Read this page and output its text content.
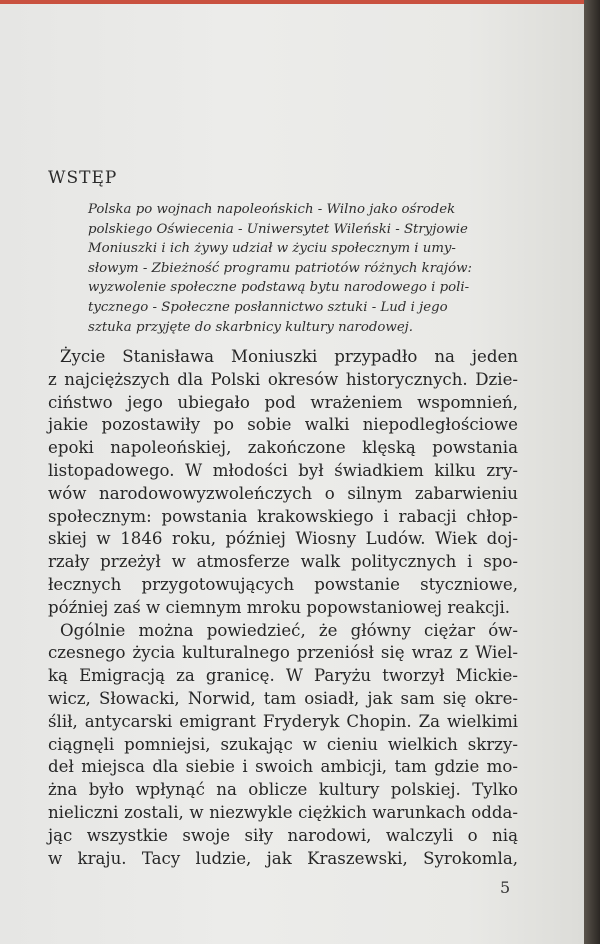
WSTĘP

Polska po wojnach napoleońskich - Wilno jako ośrodek
polskiego Oświecenia - Uniwersytet Wileński - Stryjowie
Moniuszki i ich żywy udział w życiu społecznym i umy-
słowym - Zbieżność programu patriotów różnych krajów:
wyzwolenie społeczne podstawą bytu narodowego i poli-
tycznego - Społeczne posłannictwo sztuki - Lud i jego
sztuka przyjęte do skarbnicy kultury narodowej.

Życie Stanisława Moniuszki przypadło na jeden
z najcięższych dla Polski okresów historycznych. Dzie-
ciństwo jego ubiegało pod wrażeniem wspomnień,
jakie pozostawiły po sobie walki niepodległościowe
epoki napoleońskiej, zakończone klęską powstania
listopadowego. W młodości był świadkiem kilku zry-
wów narodowowyzwoleńczych o silnym zabarwieniu
społecznym: powstania krakowskiego i rabacji chłop-
skiej w 1846 roku, później Wiosny Ludów. Wiek doj-
rzały przeżył w atmosferze walk politycznych i spo-
łecznych przygotowujących powstanie styczniowe,
później zaś w ciemnym mroku popowstaniowej reakcji.
Ogólnie można powiedzieć, że główny ciężar ów-
czesnego życia kulturalnego przeniósł się wraz z Wiel-
ką Emigracją za granicę. W Paryżu tworzył Mickie-
wicz, Słowacki, Norwid, tam osiadł, jak sam się okre-
ślił, antycarski emigrant Fryderyk Chopin. Za wielkimi
ciągnęli pomniejsi, szukając w cieniu wielkich skrzy-
deł miejsca dla siebie i swoich ambicji, tam gdzie mo-
żna było wpłynąć na oblicze kultury polskiej. Tylko
nieliczni zostali, w niezwykle ciężkich warunkach odda-
jąc wszystkie swoje siły narodowi, walczyli o nią
w kraju. Tacy ludzie, jak Kraszewski, Syrokomla,

5
